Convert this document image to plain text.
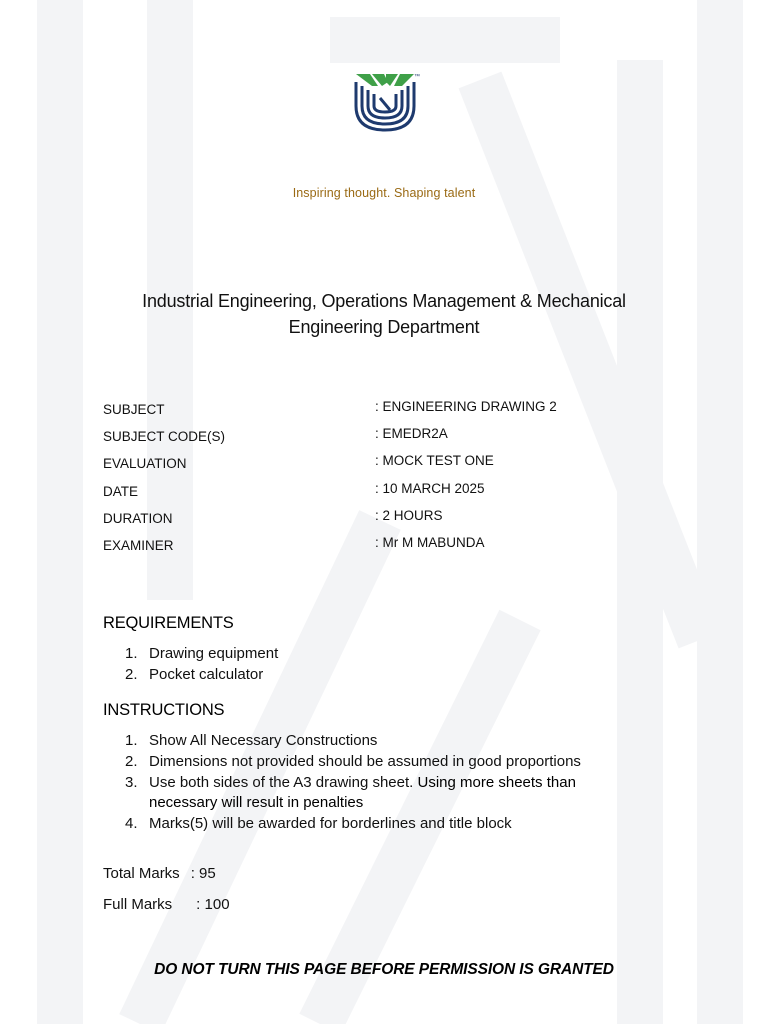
™
Inspiring thought. Shaping talent
Industrial Engineering, Operations Management & Mechanical
Engineering Department
SUBJECT	: ENGINEERING DRAWING 2
SUBJECT CODE(S)	: EMEDR2A
EVALUATION	: MOCK TEST ONE
DATE	: 10 MARCH 2025
DURATION	: 2 HOURS
EXAMINER	: Mr M MABUNDA
REQUIREMENTS
1. Drawing equipment
2. Pocket calculator
INSTRUCTIONS
1. Show All Necessary Constructions
2. Dimensions not provided should be assumed in good proportions
3. Use both sides of the A3 drawing sheet. Using more sheets than necessary will result in penalties
4. Marks(5) will be awarded for borderlines and title block
Total Marks : 95
Full Marks : 100
DO NOT TURN THIS PAGE BEFORE PERMISSION IS GRANTED
